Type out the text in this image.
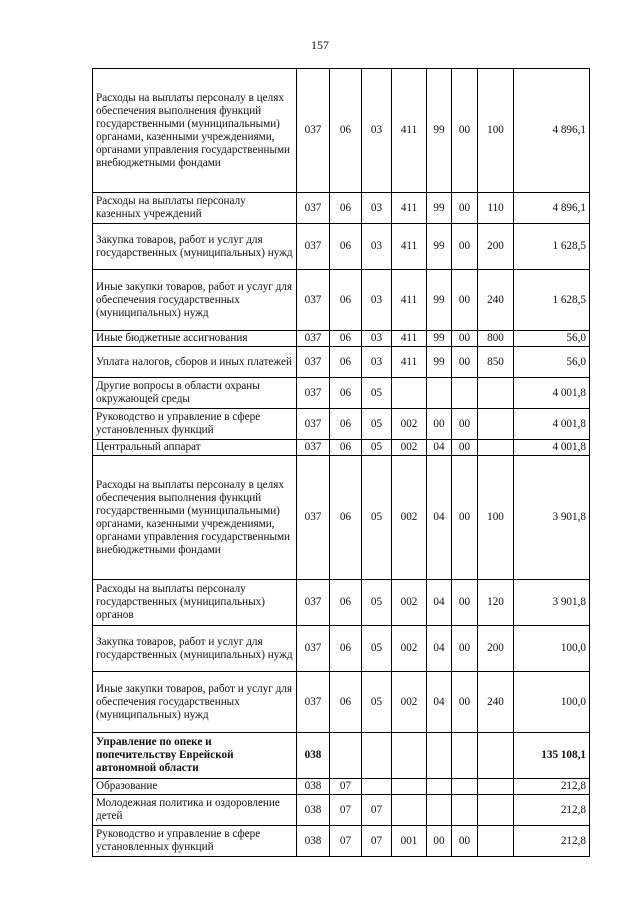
157
Расходы на выплаты персоналу в целях обеспечения выполнения функций государственными (муниципальными) органами, казенными учреждениями, органами управления государственными внебюджетными фондами	037	06	03	411	99	00	100	4 896,1
Расходы на выплаты персоналу казенных учреждений	037	06	03	411	99	00	110	4 896,1
Закупка товаров, работ и услуг для государственных (муниципальных) нужд	037	06	03	411	99	00	200	1 628,5
Иные закупки товаров, работ и услуг для обеспечения государственных (муниципальных) нужд	037	06	03	411	99	00	240	1 628,5
Иные бюджетные ассигнования	037	06	03	411	99	00	800	56,0
Уплата налогов, сборов и иных платежей	037	06	03	411	99	00	850	56,0
Другие вопросы в области охраны окружающей среды	037	06	05					4 001,8
Руководство и управление в сфере установленных функций	037	06	05	002	00	00		4 001,8
Центральный аппарат	037	06	05	002	04	00		4 001,8
Расходы на выплаты персоналу в целях обеспечения выполнения функций государственными (муниципальными) органами, казенными учреждениями, органами управления государственными внебюджетными фондами	037	06	05	002	04	00	100	3 901,8
Расходы на выплаты персоналу государственных (муниципальных) органов	037	06	05	002	04	00	120	3 901,8
Закупка товаров, работ и услуг для государственных (муниципальных) нужд	037	06	05	002	04	00	200	100,0
Иные закупки товаров, работ и услуг для обеспечения государственных (муниципальных) нужд	037	06	05	002	04	00	240	100,0
Управление по опеке и попечительству Еврейской автономной области	038							135 108,1
Образование	038	07						212,8
Молодежная политика и оздоровление детей	038	07	07					212,8
Руководство и управление в сфере установленных функций	038	07	07	001	00	00		212,8
